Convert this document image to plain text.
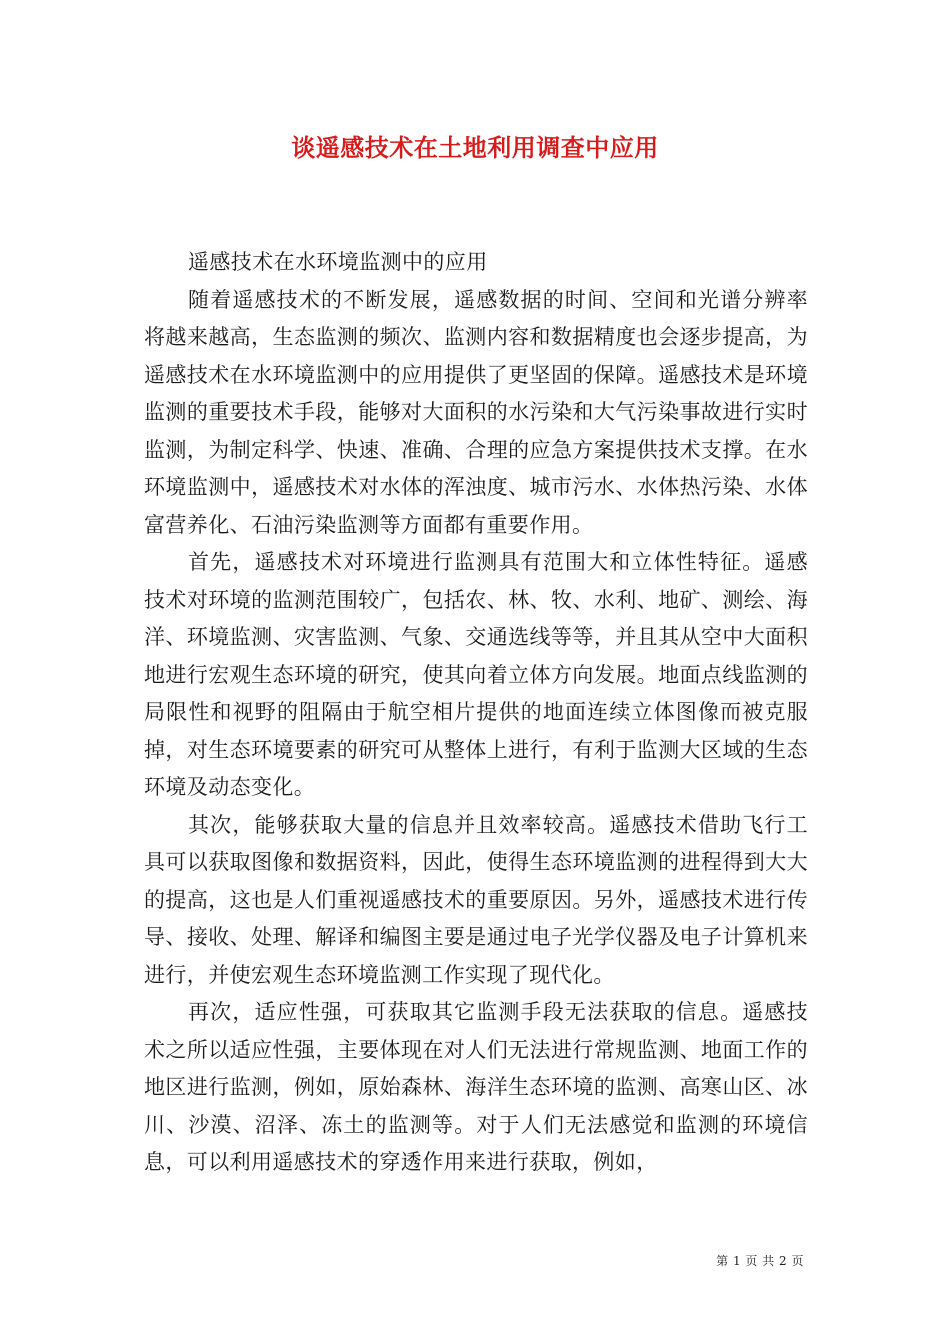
谈遥感技术在土地利用调查中应用

遥感技术在水环境监测中的应用

随着遥感技术的不断发展，遥感数据的时间、空间和光谱分辨率将越来越高，生态监测的频次、监测内容和数据精度也会逐步提高，为遥感技术在水环境监测中的应用提供了更坚固的保障。遥感技术是环境监测的重要技术手段，能够对大面积的水污染和大气污染事故进行实时监测，为制定科学、快速、准确、合理的应急方案提供技术支撑。在水环境监测中，遥感技术对水体的浑浊度、城市污水、水体热污染、水体富营养化、石油污染监测等方面都有重要作用。

首先，遥感技术对环境进行监测具有范围大和立体性特征。遥感技术对环境的监测范围较广，包括农、林、牧、水利、地矿、测绘、海洋、环境监测、灾害监测、气象、交通选线等等，并且其从空中大面积地进行宏观生态环境的研究，使其向着立体方向发展。地面点线监测的局限性和视野的阻隔由于航空相片提供的地面连续立体图像而被克服掉，对生态环境要素的研究可从整体上进行，有利于监测大区域的生态环境及动态变化。

其次，能够获取大量的信息并且效率较高。遥感技术借助飞行工具可以获取图像和数据资料，因此，使得生态环境监测的进程得到大大的提高，这也是人们重视遥感技术的重要原因。另外，遥感技术进行传导、接收、处理、解译和编图主要是通过电子光学仪器及电子计算机来进行，并使宏观生态环境监测工作实现了现代化。

再次，适应性强，可获取其它监测手段无法获取的信息。遥感技术之所以适应性强，主要体现在对人们无法进行常规监测、地面工作的地区进行监测，例如，原始森林、海洋生态环境的监测、高寒山区、冰川、沙漠、沼泽、冻土的监测等。对于人们无法感觉和监测的环境信息，可以利用遥感技术的穿透作用来进行获取，例如，

第 1 页 共 2 页
